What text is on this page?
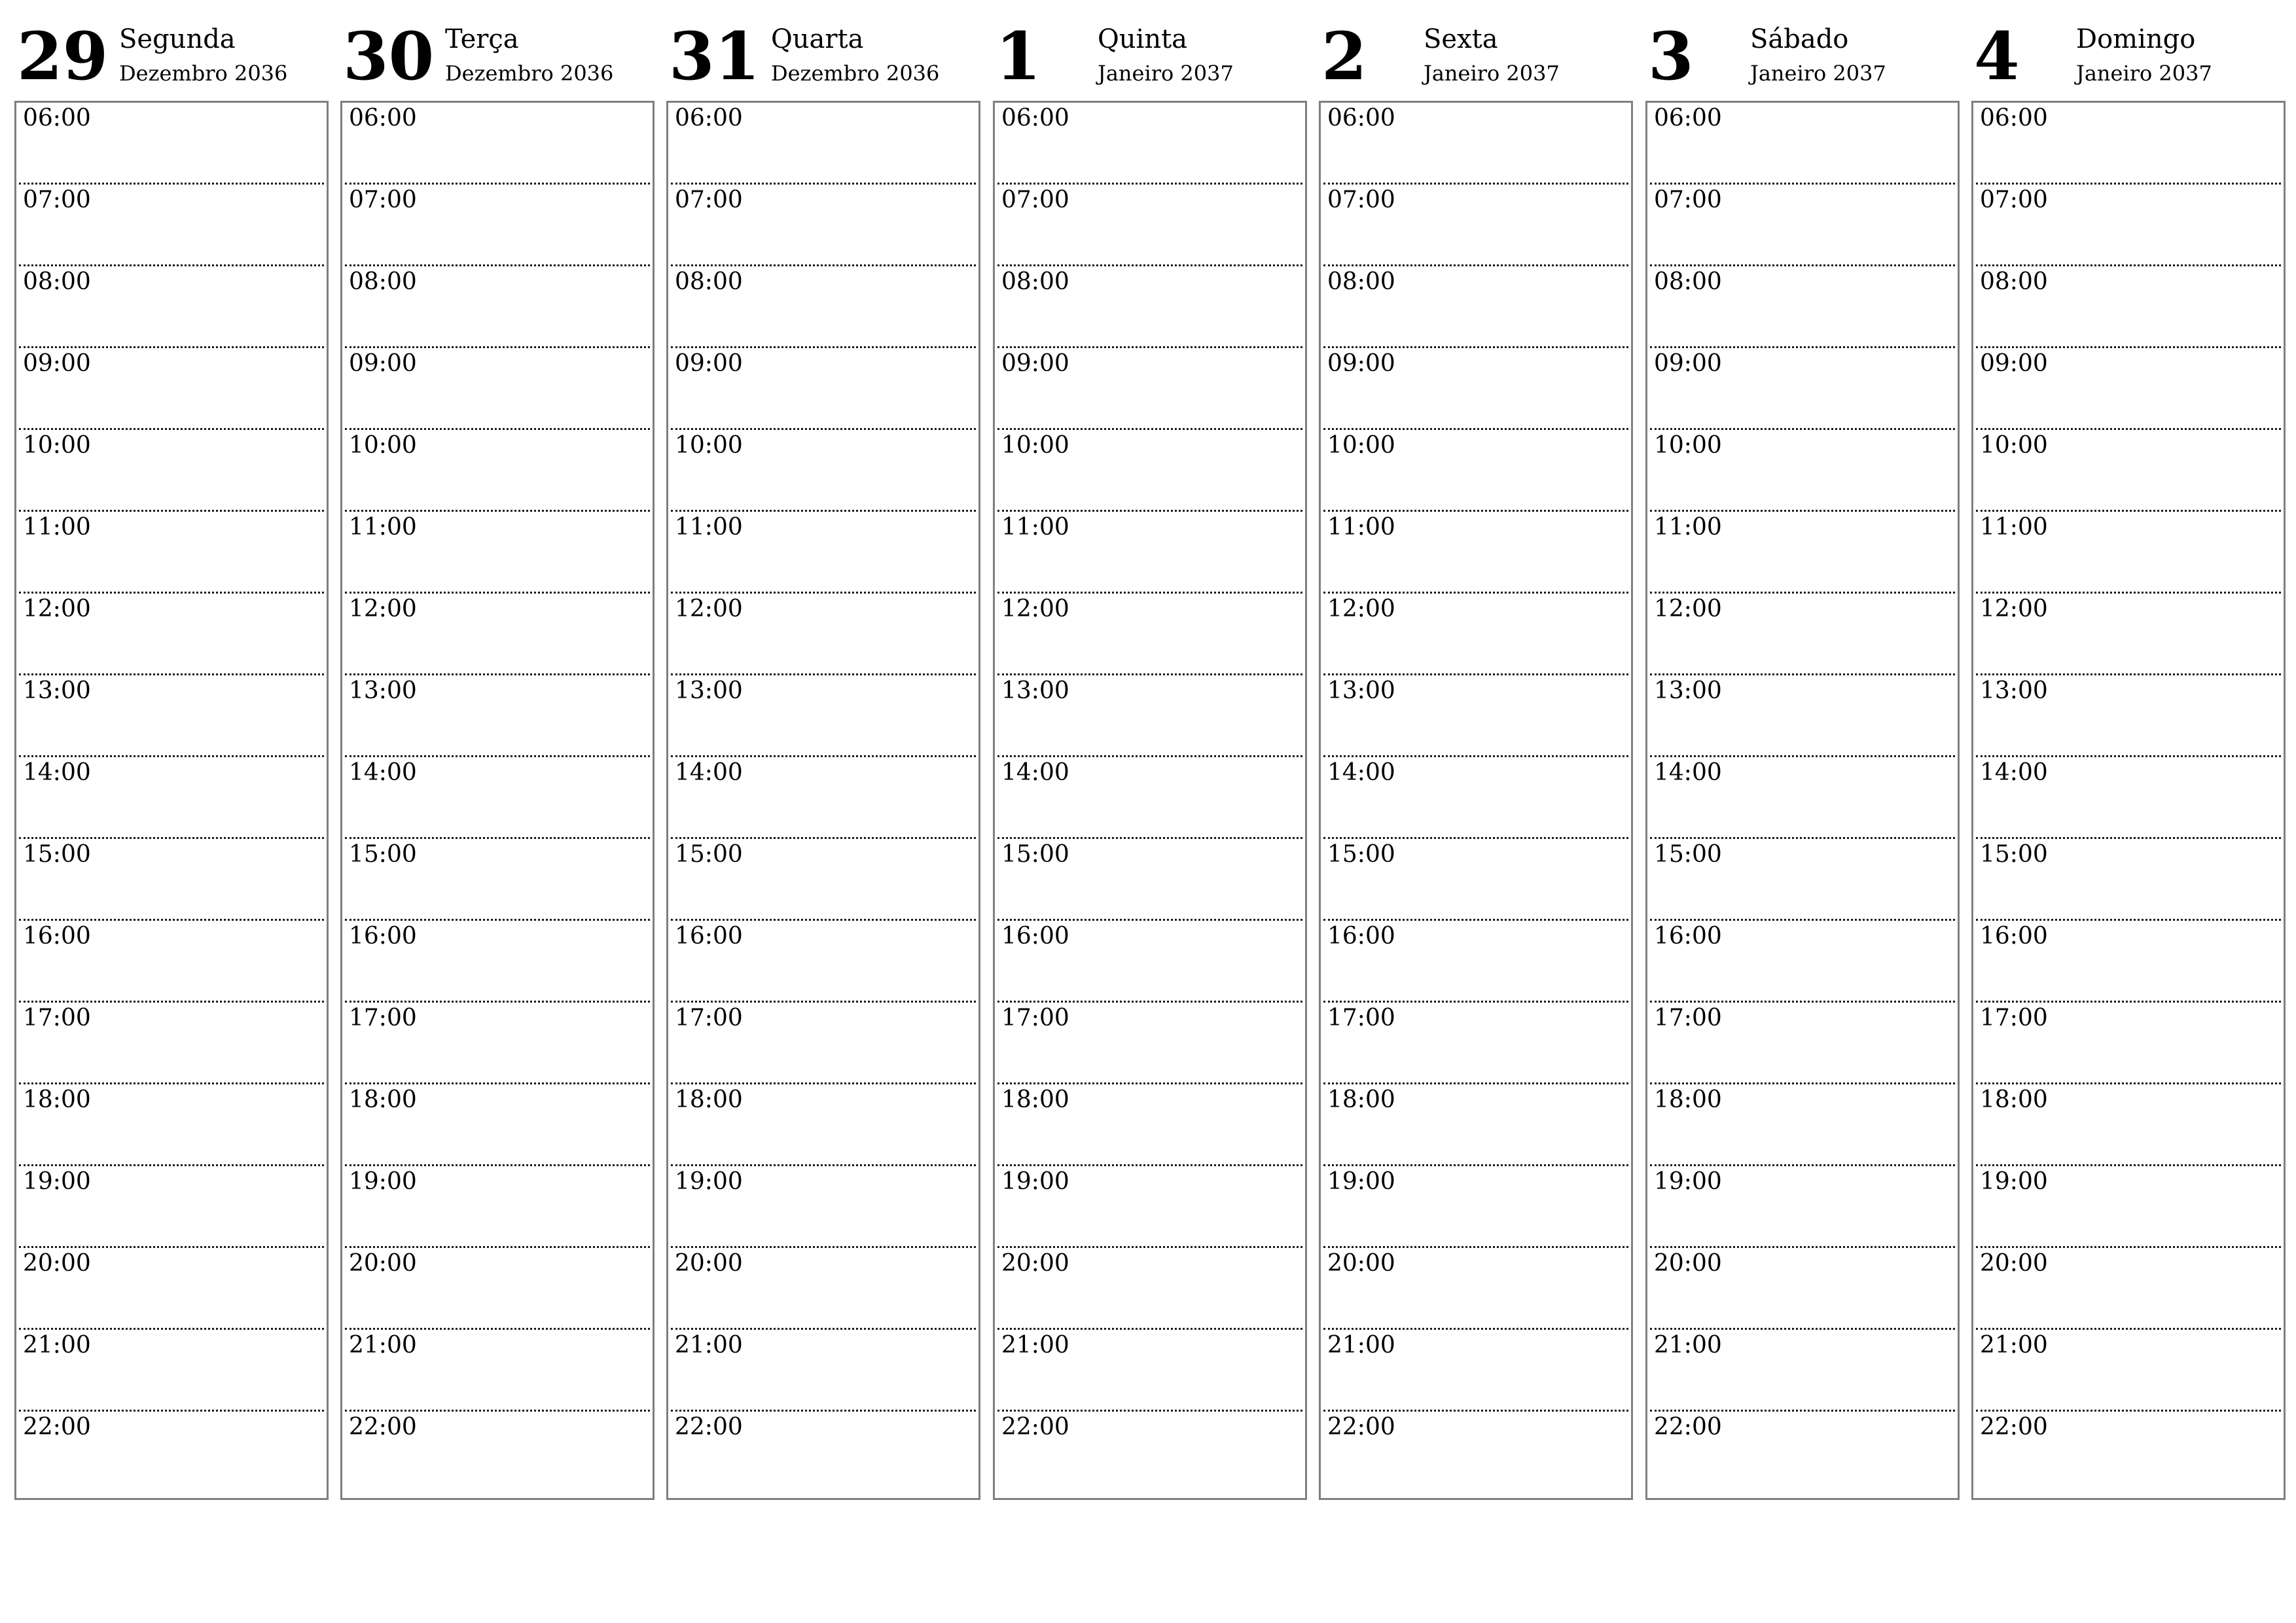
29 Segunda
Dezembro 2036
06:00
07:00
08:00
09:00
10:00
11:00
12:00
13:00
14:00
15:00
16:00
17:00
18:00
19:00
20:00
21:00
22:00
30 Terça
Dezembro 2036
06:00
07:00
08:00
09:00
10:00
11:00
12:00
13:00
14:00
15:00
16:00
17:00
18:00
19:00
20:00
21:00
22:00
31 Quarta
Dezembro 2036
06:00
07:00
08:00
09:00
10:00
11:00
12:00
13:00
14:00
15:00
16:00
17:00
18:00
19:00
20:00
21:00
22:00
1 Quinta
Janeiro 2037
06:00
07:00
08:00
09:00
10:00
11:00
12:00
13:00
14:00
15:00
16:00
17:00
18:00
19:00
20:00
21:00
22:00
2 Sexta
Janeiro 2037
06:00
07:00
08:00
09:00
10:00
11:00
12:00
13:00
14:00
15:00
16:00
17:00
18:00
19:00
20:00
21:00
22:00
3 Sábado
Janeiro 2037
06:00
07:00
08:00
09:00
10:00
11:00
12:00
13:00
14:00
15:00
16:00
17:00
18:00
19:00
20:00
21:00
22:00
4 Domingo
Janeiro 2037
06:00
07:00
08:00
09:00
10:00
11:00
12:00
13:00
14:00
15:00
16:00
17:00
18:00
19:00
20:00
21:00
22:00
